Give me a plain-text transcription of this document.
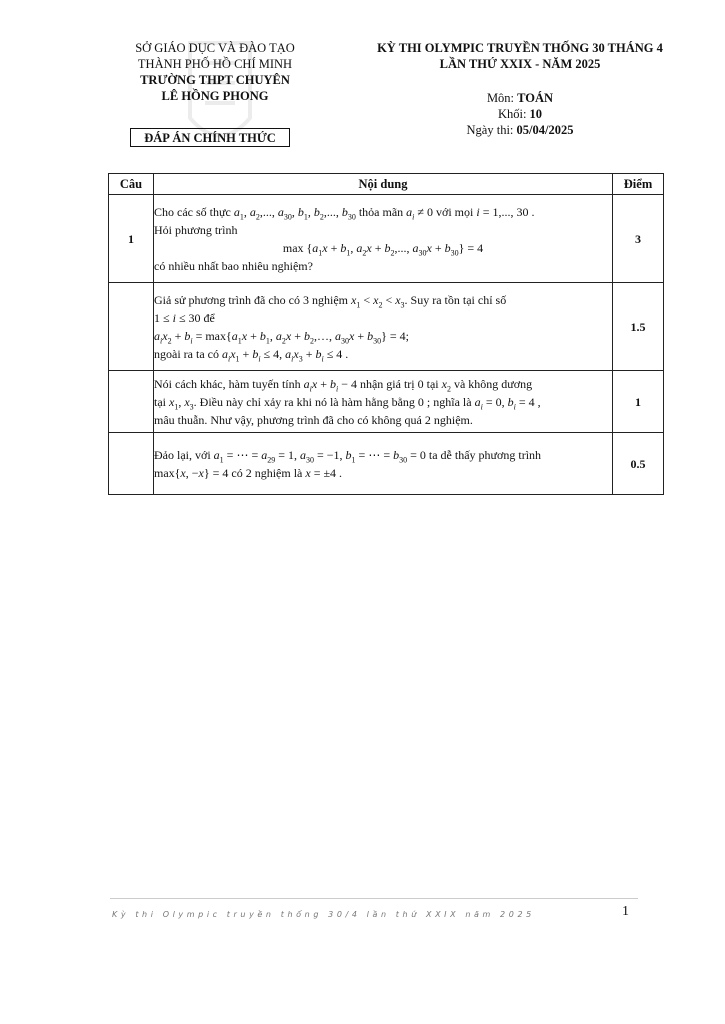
SỞ GIÁO DỤC VÀ ĐÀO TẠO
THÀNH PHỐ HỒ CHÍ MINH
TRƯỜNG THPT CHUYÊN
LÊ HỒNG PHONG
ĐÁP ÁN CHÍNH THỨC
KỲ THI OLYMPIC TRUYỀN THỐNG 30 THÁNG 4
LẦN THỨ XXIX - NĂM 2025
Môn: TOÁN
Khối: 10
Ngày thi: 05/04/2025
Câu	Nội dung	Điểm
1	Cho các số thực $a_1$, $a_2$,..., $a_{30}$, $b_1$, $b_2$,..., $b_{30}$ thỏa mãn $a_i \ne 0$ với mọi i = 1,..., 30 .
Hỏi phương trình
$\max \{a_1x + b_1$, $a_2x + b_2$,..., $a_{30}x + b_{30}\} = 4$
có nhiều nhất bao nhiêu nghiệm?	3

	Giả sử phương trình đã cho có 3 nghiệm $x_1 < x_2 < x_3$. Suy ra tồn tại chỉ số
1 ≤ i ≤ 30 để
$a_ix_2 + b_i = \max\{a_1x + b_1$, $a_2x$ + $b_2,\dots$, $a_{30}x + b_{30}\} = 4$;
ngoài ra ta có $a_ix_1 + b_i \le 4$, $a_ix_3 + b_i \le 4$ .	1.5

	Nói cách khác, hàm tuyến tính $a_ix + b_i - 4$ nhận giá trị 0 tại $x_2$ và không dương
tại $x_1$, $x_3$. Điều này chỉ xảy ra khi nó là hàm hằng bằng 0 ; nghĩa là $a_i = 0$, $b_i = 4$ ,
mâu thuẫn. Như vậy, phương trình đã cho có không quá 2 nghiệm.	1

	Đảo lại, với $a_1$ = ⋯ = $a_{29} = 1$, $a_{30} = -1$, $b_1$ = ⋯ = $b_{30} = 0$ ta dễ thấy phương trình
max{x, −x} = 4 có 2 nghiệm là x = ±4 .	0.5
Kỳ thi Olympic truyền thống 30/4 lần thứ XXIX năm 2025	1
